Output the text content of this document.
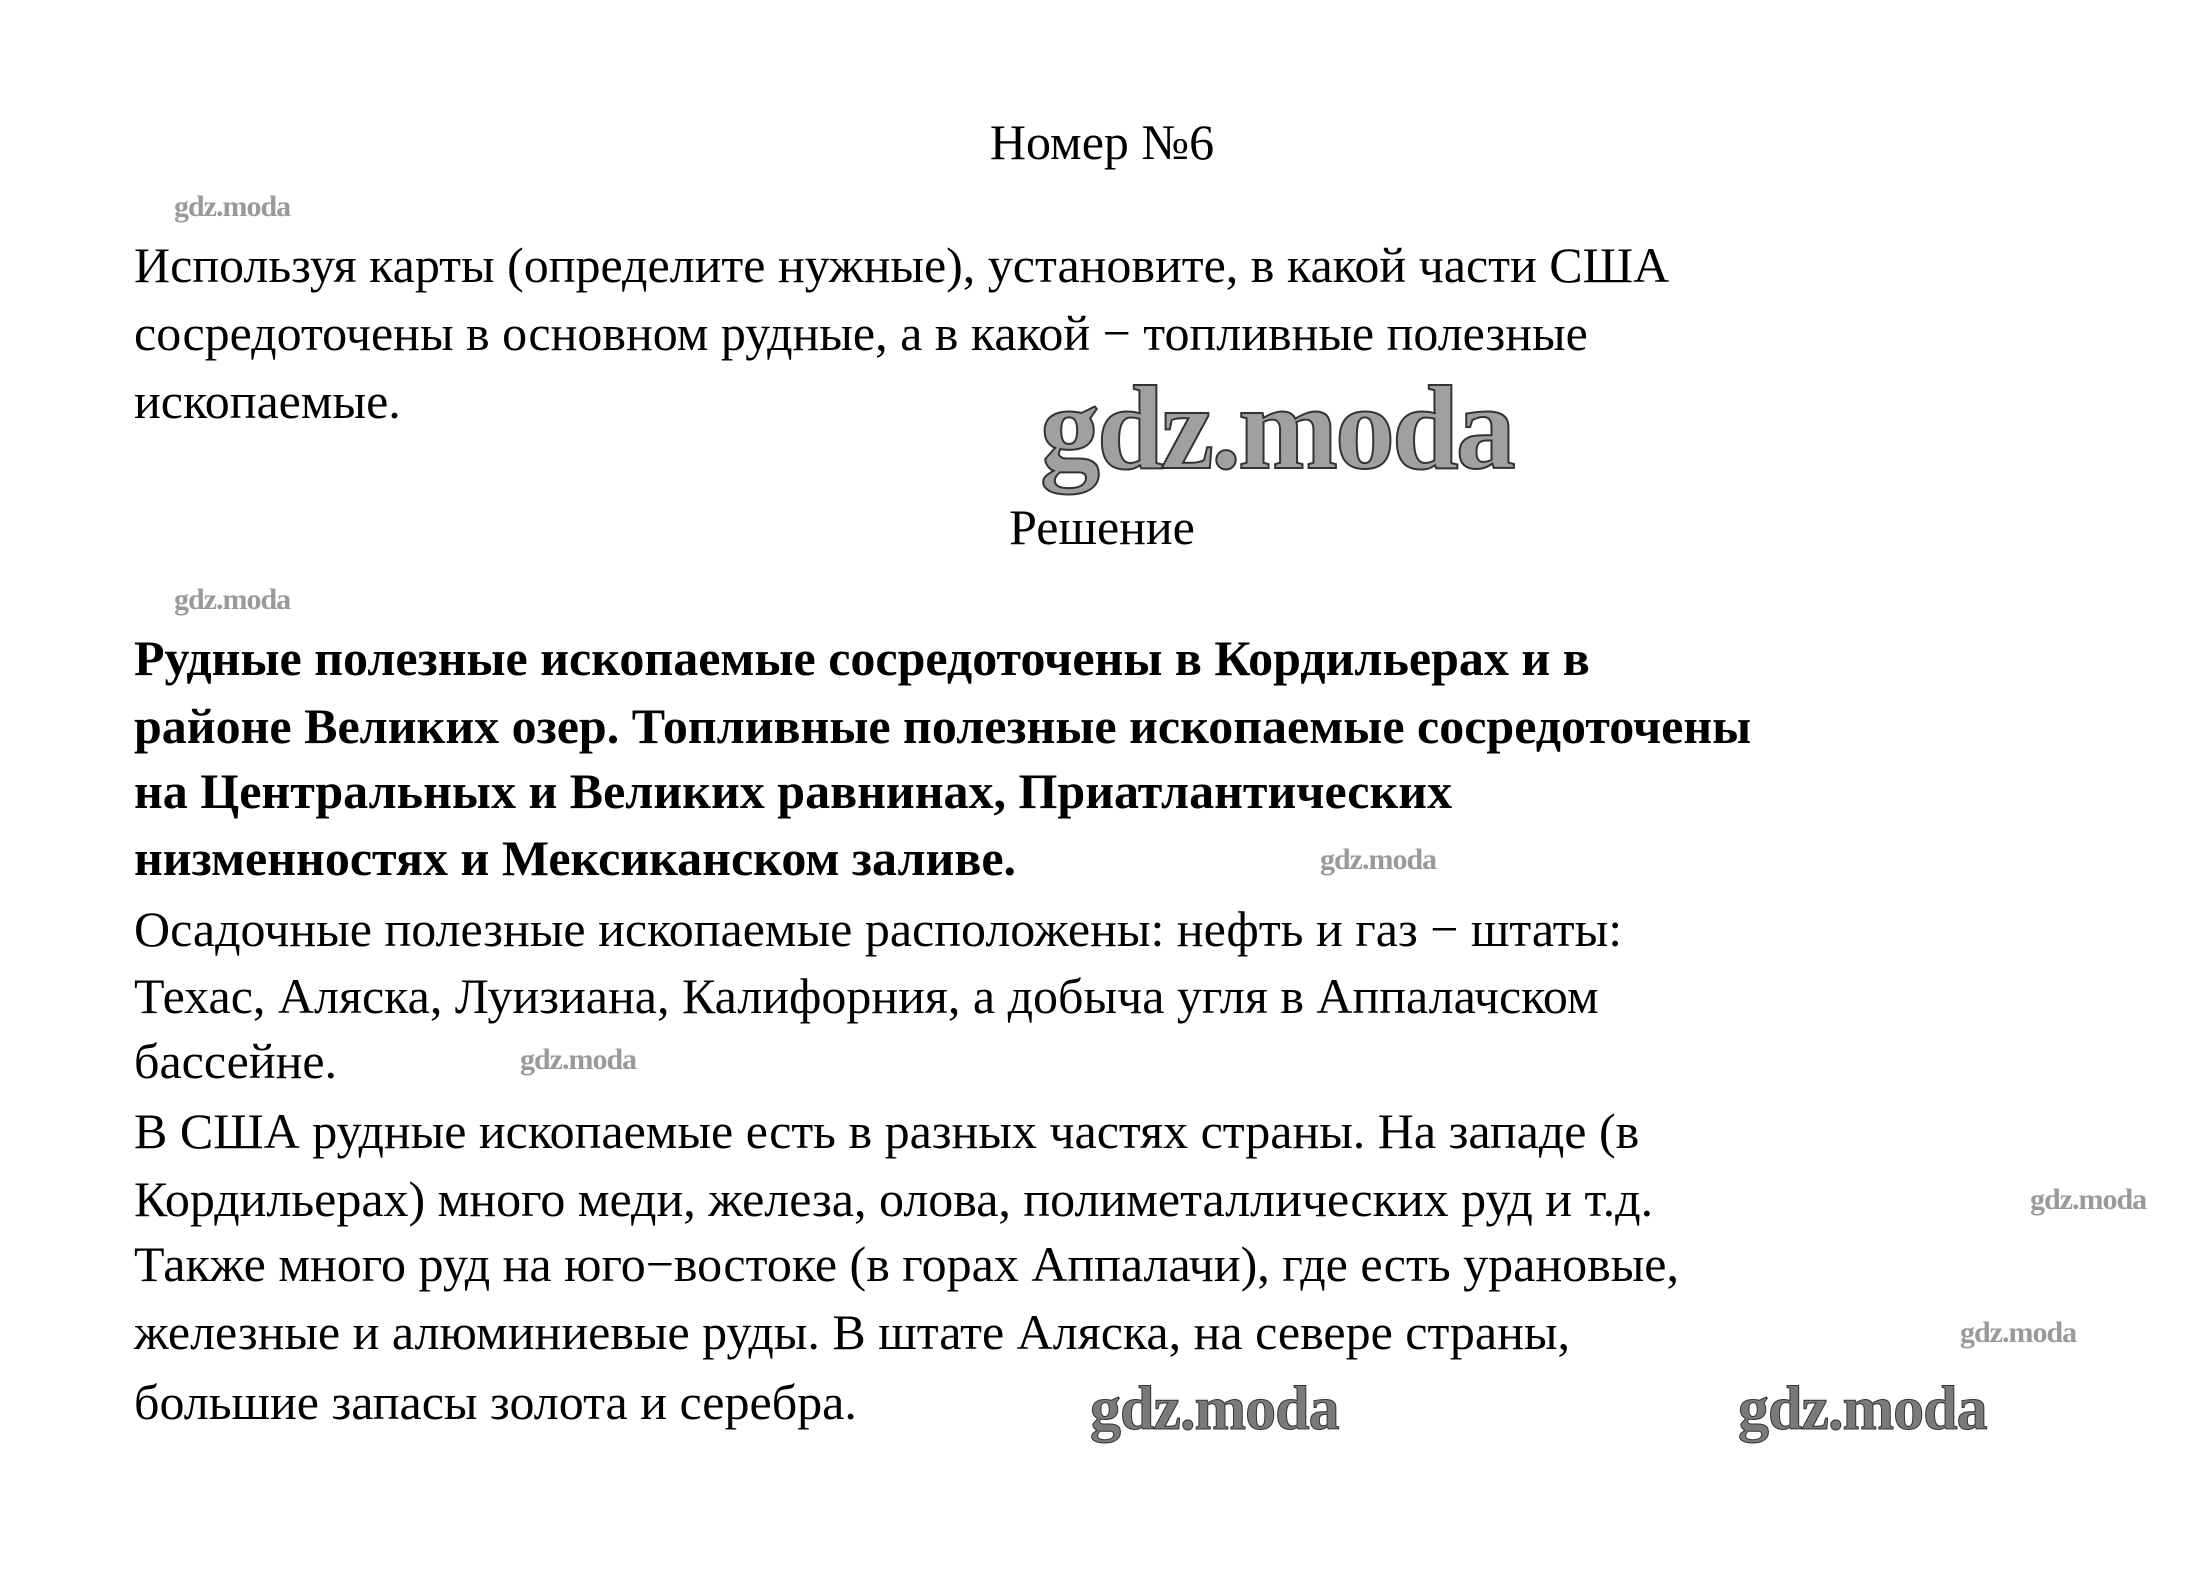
Номер №6
Используя карты (определите нужные), установите, в какой части США
сосредоточены в основном рудные, а в какой − топливные полезные
ископаемые.
Решение
Рудные полезные ископаемые сосредоточены в Кордильерах и в
районе Великих озер. Топливные полезные ископаемые сосредоточены
на Центральных и Великих равнинах, Приатлантических
низменностях и Мексиканском заливе.
Осадочные полезные ископаемые расположены: нефть и газ − штаты:
Техас, Аляска, Луизиана, Калифорния, а добыча угля в Аппалачском
бассейне.
В США рудные ископаемые есть в разных частях страны. На западе (в
Кордильерах) много меди, железа, олова, полиметаллических руд и т.д.
Также много руд на юго−востоке (в горах Аппалачи), где есть урановые,
железные и алюминиевые руды. В штате Аляска, на севере страны,
большие запасы золота и серебра.
gdz.moda
gdz.moda
gdz.moda
gdz.moda
gdz.moda
gdz.moda
gdz.moda
gdz.moda	gdz.moda
